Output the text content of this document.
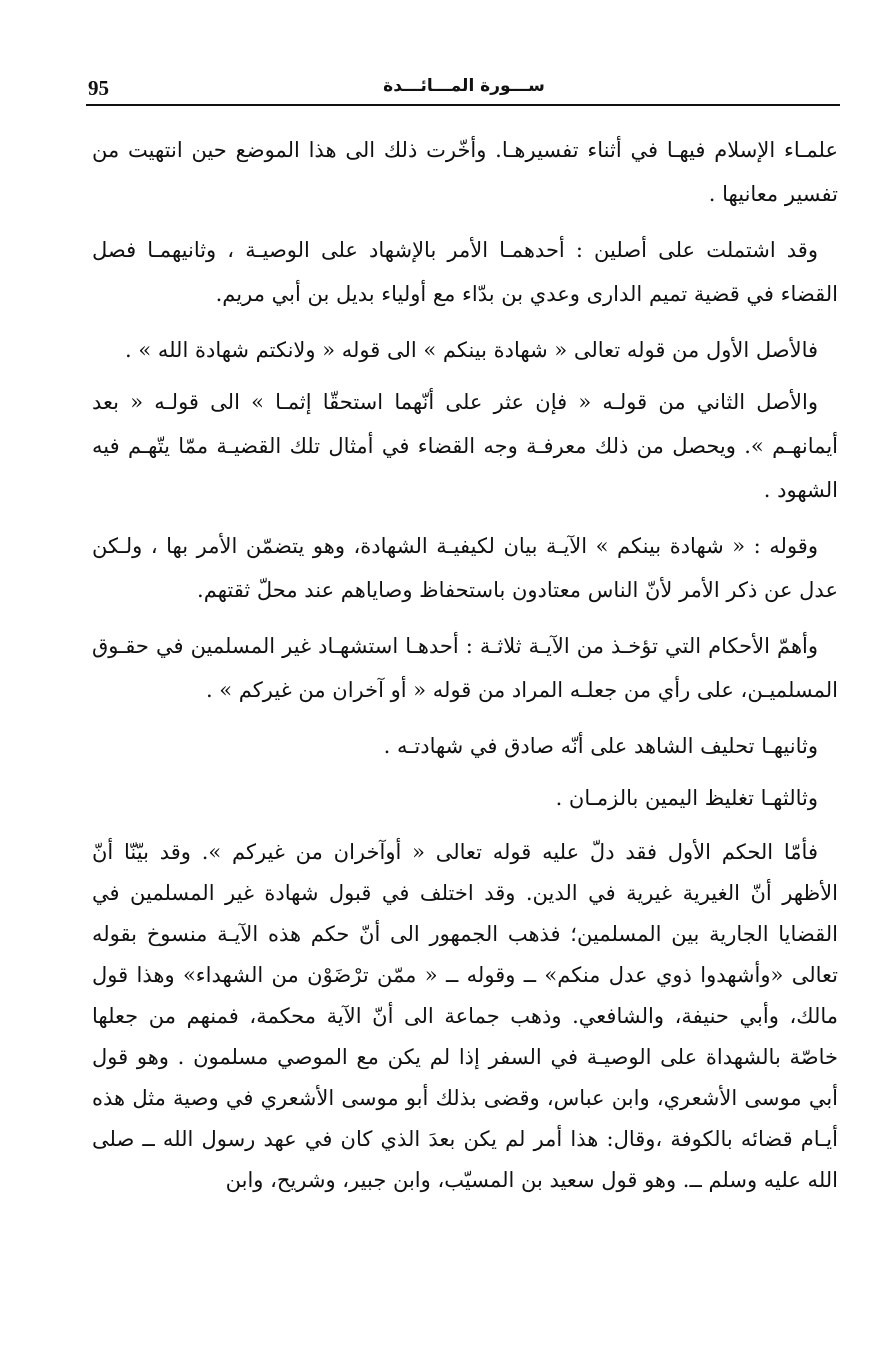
95	ســـورة المـــائـــدة

علمـاء الإسلام فيهـا في أثناء تفسيرهـا. وأخّرت ذلك الى هذا الموضع حين انتهيت من تفسير معانيها .

وقد اشتملت على أصلين : أحدهمـا الأمر بالإشهاد على الوصيـة ، وثانيهمـا فصل القضاء في قضية تميم الدارى وعدي بن بدّاء مع أولياء بديل بن أبي مريم.

فالأصل الأول من قوله تعالى « شهادة بينكم » الى قوله « ولانكتم شهادة الله » .

والأصل الثاني من قولـه « فإن عثر على أنّهما استحقّا إثمـا » الى قولـه « بعد أيمانهـم ». ويحصل من ذلك معرفـة وجه القضاء في أمثال تلك القضيـة ممّا يتّهـم فيه الشهود .

وقوله : « شهادة بينكم » الآيـة بيان لكيفيـة الشهادة، وهو يتضمّن الأمر بها ، ولـكن عدل عن ذكر الأمر لأنّ الناس معتادون باستحفاظ وصاياهم عند محلّ ثقتهم.

وأهمّ الأحكام التي تؤخـذ من الآيـة ثلاثـة : أحدهـا استشهـاد غير المسلمين في حقـوق المسلميـن، على رأي من جعلـه المراد من قوله « أو آخران من غيركم » .

وثانيهـا تحليف الشاهد على أنّه صادق في شهادتـه .

وثالثهـا تغليظ اليمين بالزمـان .

فأمّا الحكم الأول فقد دلّ عليه قوله تعالى « أوآخران من غيركم ». وقد بيّنّا أنّ الأظهر أنّ الغيرية غيرية في الدين. وقد اختلف في قبول شهادة غير المسلمين في القضايا الجارية بين المسلمين؛ فذهب الجمهور الى أنّ حكم هذه الآيـة منسوخ بقوله تعالى «وأشهدوا ذوي عدل منكم» ــ وقوله ــ « ممّن ترْضَوْن من الشهداء» وهذا قول مالك، وأبي حنيفة، والشافعي. وذهب جماعة الى أنّ الآية محكمة، فمنهم من جعلها خاصّة بالشهداة على الوصيـة في السفر إذا لم يكن مع الموصي مسلمون . وهو قول أبي موسى الأشعري، وابن عباس، وقضى بذلك أبو موسى الأشعري في وصية مثل هذه أيـام قضائه بالكوفة ،وقال: هذا أمر لم يكن بعدَ الذي كان في عهد رسول الله ــ صلى الله عليه وسلم ــ. وهو قول سعيد بن المسيّب، وابن جبير، وشريح، وابن
